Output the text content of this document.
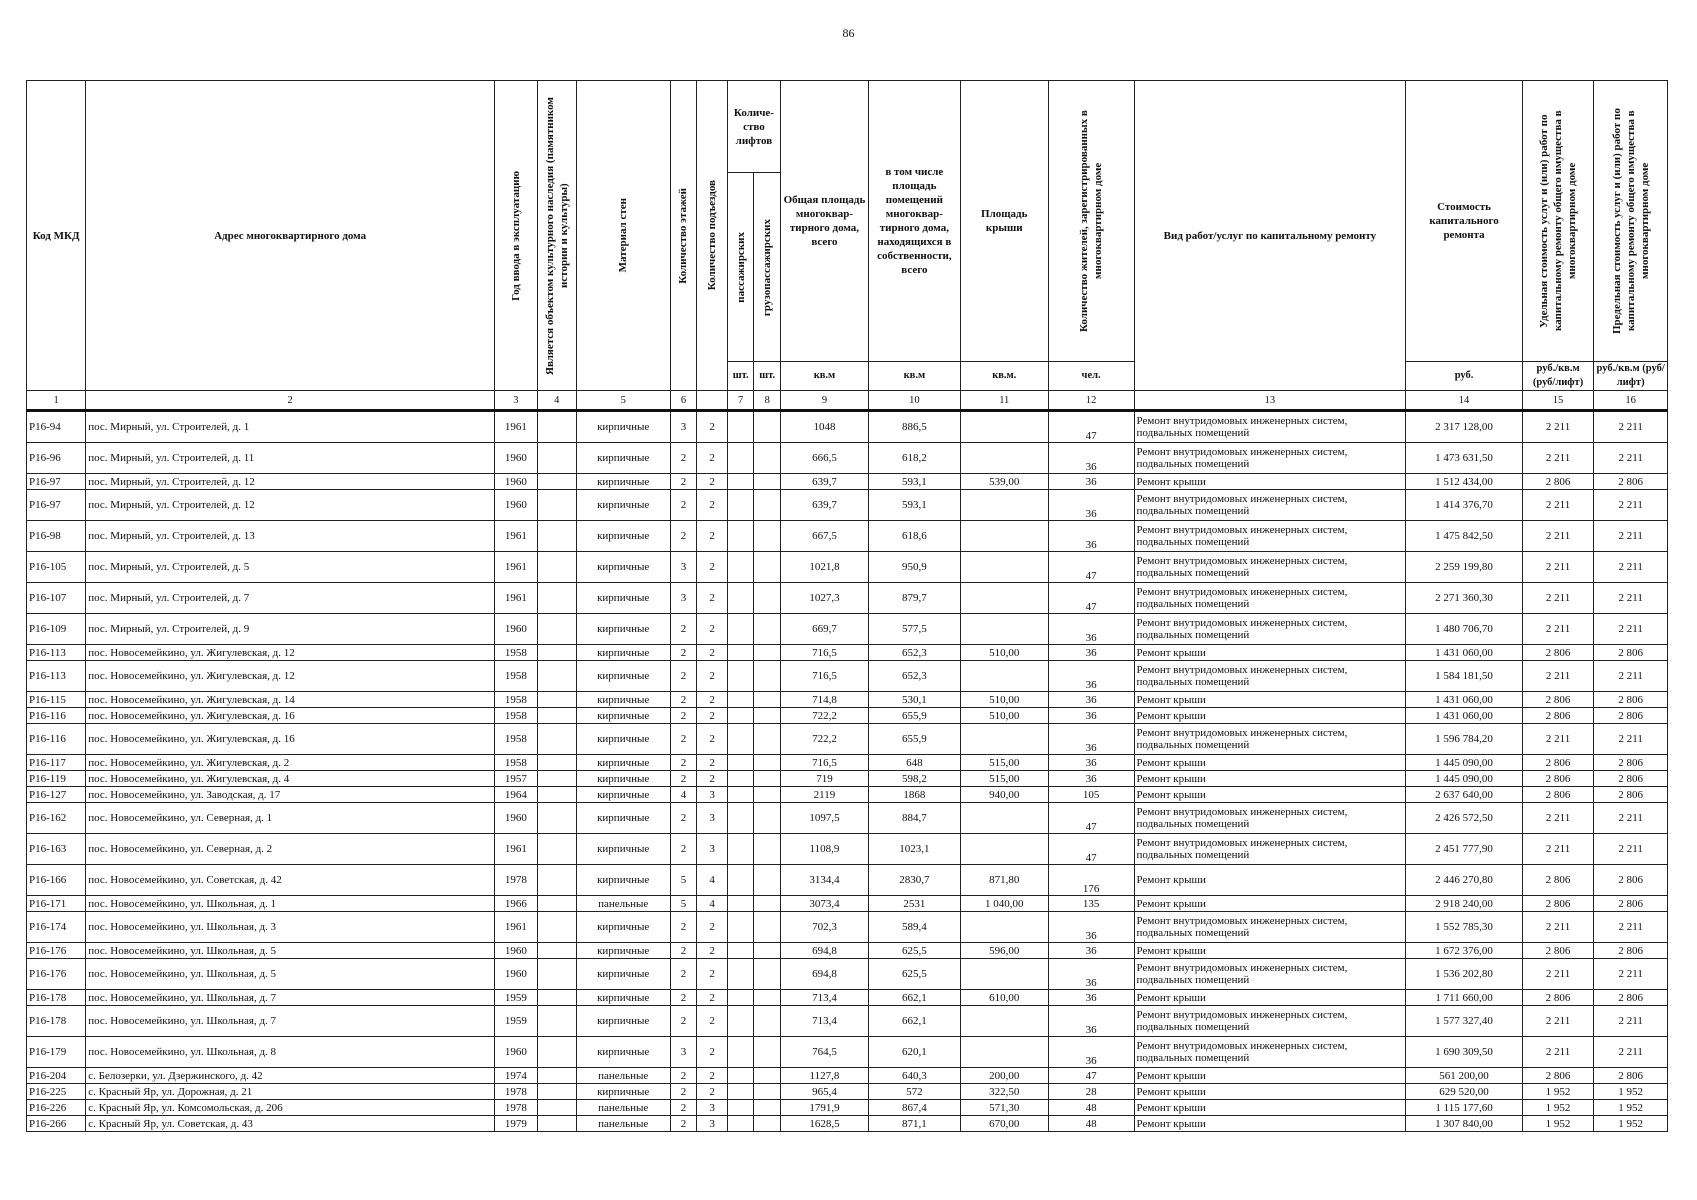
86
Код МКД	Адрес многоквартирного дома	Год ввода в эксплуатацию	Является объектом культурного наследия (памятником истории и культуры)	Материал стен	Количество этажей	Количество подъездов	Количе-ство лифтов		Общая площадь многоквар-тирного дома, всего	в том числе площадь помещений многоквар-тирного дома, находящихся в собственности, всего	Площадь крыши	Количество жителей, зарегистрированных в многоквартирном доме	Вид работ/услуг по капитальному ремонту	Стоимость капитального ремонта	Удельная стоимость услуг и (или) работ по капитальному ремонту общего имущества в многоквартирном доме	Предельная стоимость услуг и (или) работ по капитальному ремонту общего имущества в многоквартирном доме

							пассажирских	грузопассажирских								

							шт.	шт.	кв.м	кв.м	кв.м.	чел.		руб.	руб./кв.м (руб/лифт)	руб./кв.м (руб/лифт)
1	2	3	4	5	6		7	8	9	10	11	12	13	14	15	16
P16-94	пос. Мирный, ул. Строителей, д. 1	1961		кирпичные	3	2			1048	886,5		47	Ремонт внутридомовых инженерных систем, подвальных помещений	2 317 128,00	2 211	2 211
P16-96	пос. Мирный, ул. Строителей, д. 11	1960		кирпичные	2	2			666,5	618,2		36	Ремонт внутридомовых инженерных систем, подвальных помещений	1 473 631,50	2 211	2 211
P16-97	пос. Мирный, ул. Строителей, д. 12	1960		кирпичные	2	2			639,7	593,1	539,00	36	Ремонт крыши	1 512 434,00	2 806	2 806
P16-97	пос. Мирный, ул. Строителей, д. 12	1960		кирпичные	2	2			639,7	593,1		36	Ремонт внутридомовых инженерных систем, подвальных помещений	1 414 376,70	2 211	2 211
P16-98	пос. Мирный, ул. Строителей, д. 13	1961		кирпичные	2	2			667,5	618,6		36	Ремонт внутридомовых инженерных систем, подвальных помещений	1 475 842,50	2 211	2 211
P16-105	пос. Мирный, ул. Строителей, д. 5	1961		кирпичные	3	2			1021,8	950,9		47	Ремонт внутридомовых инженерных систем, подвальных помещений	2 259 199,80	2 211	2 211
P16-107	пос. Мирный, ул. Строителей, д. 7	1961		кирпичные	3	2			1027,3	879,7		47	Ремонт внутридомовых инженерных систем, подвальных помещений	2 271 360,30	2 211	2 211
P16-109	пос. Мирный, ул. Строителей, д. 9	1960		кирпичные	2	2			669,7	577,5		36	Ремонт внутридомовых инженерных систем, подвальных помещений	1 480 706,70	2 211	2 211
P16-113	пос. Новосемейкино, ул. Жигулевская, д. 12	1958		кирпичные	2	2			716,5	652,3	510,00	36	Ремонт крыши	1 431 060,00	2 806	2 806
P16-113	пос. Новосемейкино, ул. Жигулевская, д. 12	1958		кирпичные	2	2			716,5	652,3		36	Ремонт внутридомовых инженерных систем, подвальных помещений	1 584 181,50	2 211	2 211
P16-115	пос. Новосемейкино, ул. Жигулевская, д. 14	1958		кирпичные	2	2			714,8	530,1	510,00	36	Ремонт крыши	1 431 060,00	2 806	2 806
P16-116	пос. Новосемейкино, ул. Жигулевская, д. 16	1958		кирпичные	2	2			722,2	655,9	510,00	36	Ремонт крыши	1 431 060,00	2 806	2 806
P16-116	пос. Новосемейкино, ул. Жигулевская, д. 16	1958		кирпичные	2	2			722,2	655,9		36	Ремонт внутридомовых инженерных систем, подвальных помещений	1 596 784,20	2 211	2 211
P16-117	пос. Новосемейкино, ул. Жигулевская, д. 2	1958		кирпичные	2	2			716,5	648	515,00	36	Ремонт крыши	1 445 090,00	2 806	2 806
P16-119	пос. Новосемейкино, ул. Жигулевская, д. 4	1957		кирпичные	2	2			719	598,2	515,00	36	Ремонт крыши	1 445 090,00	2 806	2 806
P16-127	пос. Новосемейкино, ул. Заводская, д. 17	1964		кирпичные	4	3			2119	1868	940,00	105	Ремонт крыши	2 637 640,00	2 806	2 806
P16-162	пос. Новосемейкино, ул. Северная, д. 1	1960		кирпичные	2	3			1097,5	884,7		47	Ремонт внутридомовых инженерных систем, подвальных помещений	2 426 572,50	2 211	2 211
P16-163	пос. Новосемейкино, ул. Северная, д. 2	1961		кирпичные	2	3			1108,9	1023,1		47	Ремонт внутридомовых инженерных систем, подвальных помещений	2 451 777,90	2 211	2 211
P16-166	пос. Новосемейкино, ул. Советская, д. 42	1978		кирпичные	5	4			3134,4	2830,7	871,80	176	Ремонт крыши	2 446 270,80	2 806	2 806
P16-171	пос. Новосемейкино, ул. Школьная, д. 1	1966		панельные	5	4			3073,4	2531	1 040,00	135	Ремонт крыши	2 918 240,00	2 806	2 806
P16-174	пос. Новосемейкино, ул. Школьная, д. 3	1961		кирпичные	2	2			702,3	589,4		36	Ремонт внутридомовых инженерных систем, подвальных помещений	1 552 785,30	2 211	2 211
P16-176	пос. Новосемейкино, ул. Школьная, д. 5	1960		кирпичные	2	2			694,8	625,5	596,00	36	Ремонт крыши	1 672 376,00	2 806	2 806
P16-176	пос. Новосемейкино, ул. Школьная, д. 5	1960		кирпичные	2	2			694,8	625,5		36	Ремонт внутридомовых инженерных систем, подвальных помещений	1 536 202,80	2 211	2 211
P16-178	пос. Новосемейкино, ул. Школьная, д. 7	1959		кирпичные	2	2			713,4	662,1	610,00	36	Ремонт крыши	1 711 660,00	2 806	2 806
P16-178	пос. Новосемейкино, ул. Школьная, д. 7	1959		кирпичные	2	2			713,4	662,1		36	Ремонт внутридомовых инженерных систем, подвальных помещений	1 577 327,40	2 211	2 211
P16-179	пос. Новосемейкино, ул. Школьная, д. 8	1960		кирпичные	3	2			764,5	620,1		36	Ремонт внутридомовых инженерных систем, подвальных помещений	1 690 309,50	2 211	2 211
P16-204	с. Белозерки, ул. Дзержинского, д. 42	1974		панельные	2	2			1127,8	640,3	200,00	47	Ремонт крыши	561 200,00	2 806	2 806
P16-225	с. Красный Яр, ул. Дорожная, д. 21	1978		кирпичные	2	2			965,4	572	322,50	28	Ремонт крыши	629 520,00	1 952	1 952
P16-226	с. Красный Яр, ул. Комсомольская, д. 206	1978		панельные	2	3			1791,9	867,4	571,30	48	Ремонт крыши	1 115 177,60	1 952	1 952
P16-266	с. Красный Яр, ул. Советская, д. 43	1979		панельные	2	3			1628,5	871,1	670,00	48	Ремонт крыши	1 307 840,00	1 952	1 952
